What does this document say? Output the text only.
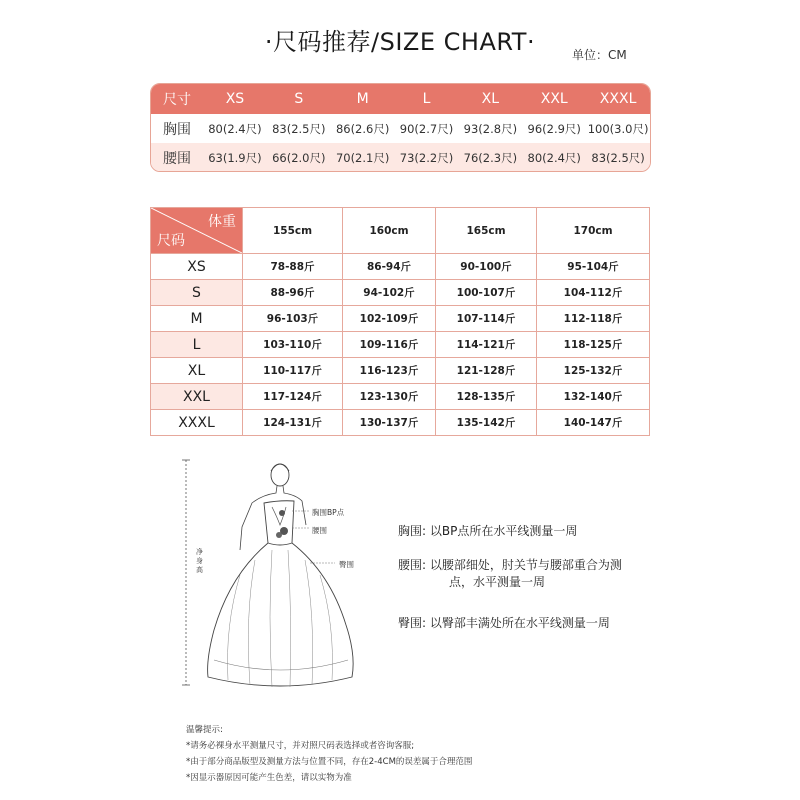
·尺码推荐/SIZE CHART·	单位：CM
尺寸	XS	S	M	L	XL	XXL	XXXL
胸围	80(2.4尺) 83(2.5尺) 86(2.6尺) 90(2.7尺) 93(2.8尺) 96(2.9尺) 100(3.0尺)
腰围	63(1.9尺) 66(2.0尺) 70(2.1尺) 73(2.2尺) 76(2.3尺) 80(2.4尺) 83(2.5尺)
体重
尺码	155cm	160cm	165cm	170cm
XS	78-88斤	86-94斤	90-100斤	95-104斤
S	88-96斤	94-102斤	100-107斤	104-112斤
M	96-103斤	102-109斤	107-114斤	112-118斤
L	103-110斤	109-116斤	114-121斤	118-125斤
XL	110-117斤	116-123斤	121-128斤	125-132斤
XXL	117-124斤	123-130斤	128-135斤	132-140斤
XXXL	124-131斤	130-137斤	135-142斤	140-147斤
净身高
胸围BP点
腰围
臀围
胸围: 以BP点所在水平线测量一周
腰围: 以腰部细处，肘关节与腰部重合为测
点，水平测量一周
臀围: 以臀部丰满处所在水平线测量一周
温馨提示:
*请务必裸身水平测量尺寸，并对照尺码表选择或者咨询客服;
*由于部分商品版型及测量方法与位置不同，存在2-4CM的误差属于合理范围
*因显示器原因可能产生色差，请以实物为准
